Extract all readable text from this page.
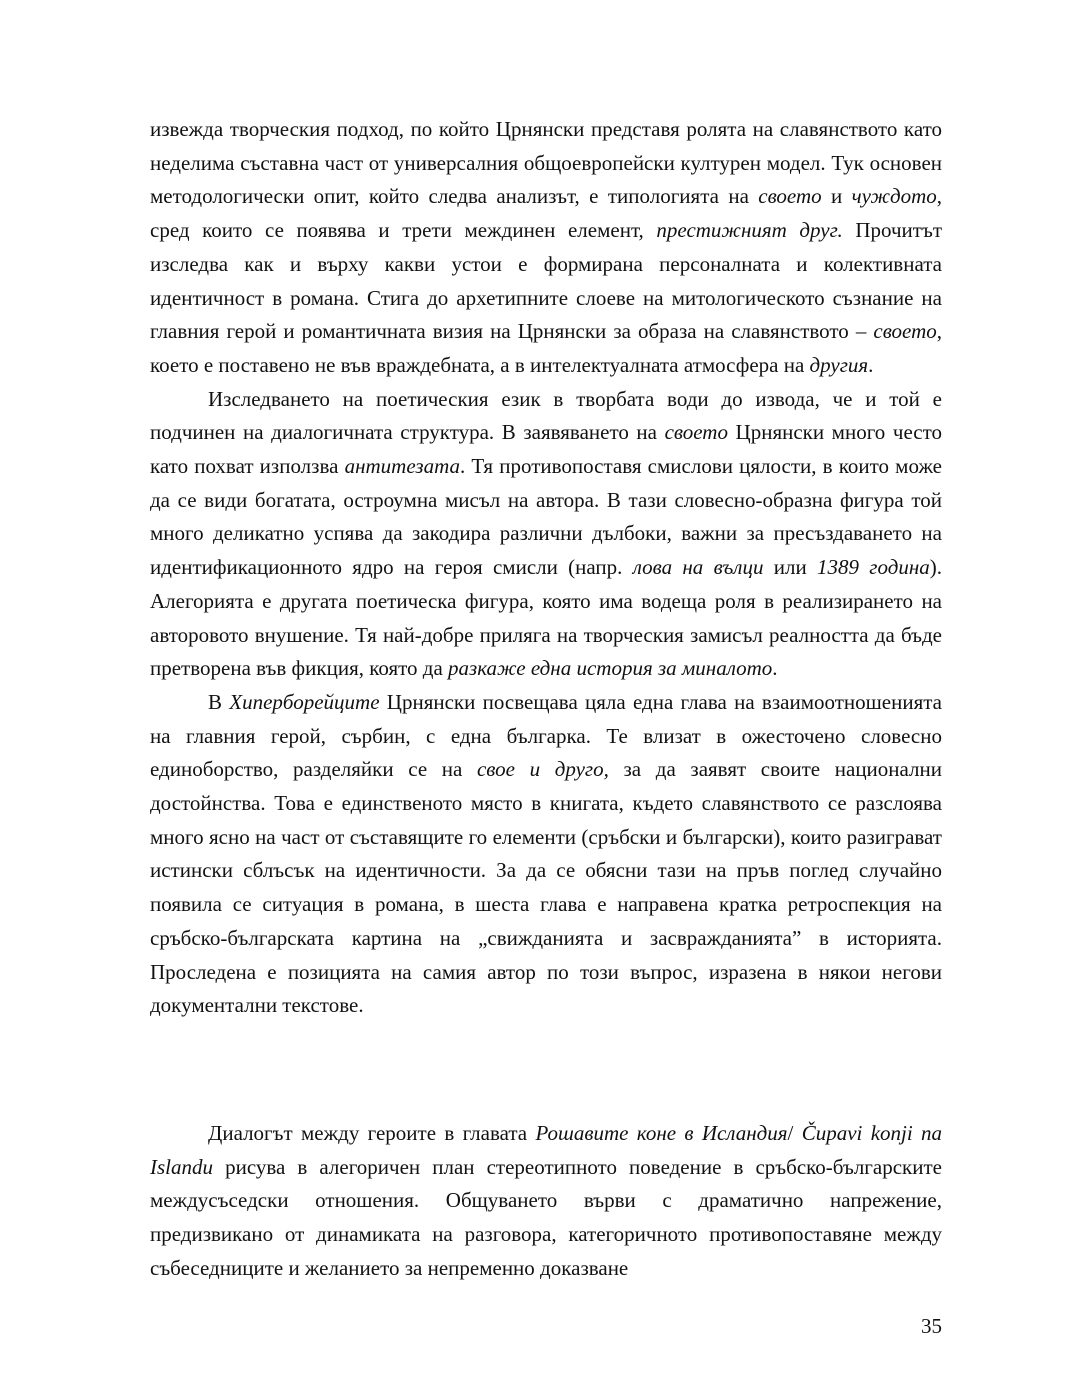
извежда творческия подход, по който Црнянски представя ролята на славянството като неделима съставна част от универсалния общоевропейски културен модел. Тук основен методологически опит, който следва анализът, е типологията на своето и чуждото, сред които се появява и трети междинен елемент, престижният друг. Прочитът изследва как и върху какви устои е формирана персоналната и колективната идентичност в романа. Стига до архетипните слоеве на митологическото съзнание на главния герой и романтичната визия на Црнянски за образа на славянството – своето, което е поставено не във враждебната, а в интелектуалната атмосфера на другия.

Изследването на поетическия език в творбата води до извода, че и той е подчинен на диалогичната структура. В заявяването на своето Црнянски много често като похват използва антитезата. Тя противопоставя смислови цялости, в които може да се види богатата, остроумна мисъл на автора. В тази словесно-образна фигура той много деликатно успява да закодира различни дълбоки, важни за пресъздаването на идентификационното ядро на героя смисли (напр. лова на вълци или 1389 година). Алегорията е другата поетическа фигура, която има водеща роля в реализирането на авторовото внушение. Тя най-добре приляга на творческия замисъл реалността да бъде претворена във фикция, която да разкаже една история за миналото.

В Хиперборейците Црнянски посвещава цяла една глава на взаимоотношенията на главния герой, сърбин, с една българка. Те влизат в ожесточено словесно единоборство, разделяйки се на свое и друго, за да заявят своите национални достойнства. Това е единственото място в книгата, където славянството се разслоява много ясно на част от съставящите го елементи (сръбски и български), които разиграват истински сблъсък на идентичности. За да се обясни тази на пръв поглед случайно появила се ситуация в романа, в шеста глава е направена кратка ретроспекция на сръбско-българската картина на „свижданията и засвражданията” в историята. Проследена е позицията на самия автор по този въпрос, изразена в някои негови документални текстове.

Диалогът между героите в главата Рошавите коне в Исландия/ Čupavi konji na Islandu рисува в алегоричен план стереотипното поведение в сръбско-българските междусъседски отношения. Общуването върви с драматично напрежение, предизвикано от динамиката на разговора, категоричното противопоставяне между събеседниците и желанието за непременно доказване

35
